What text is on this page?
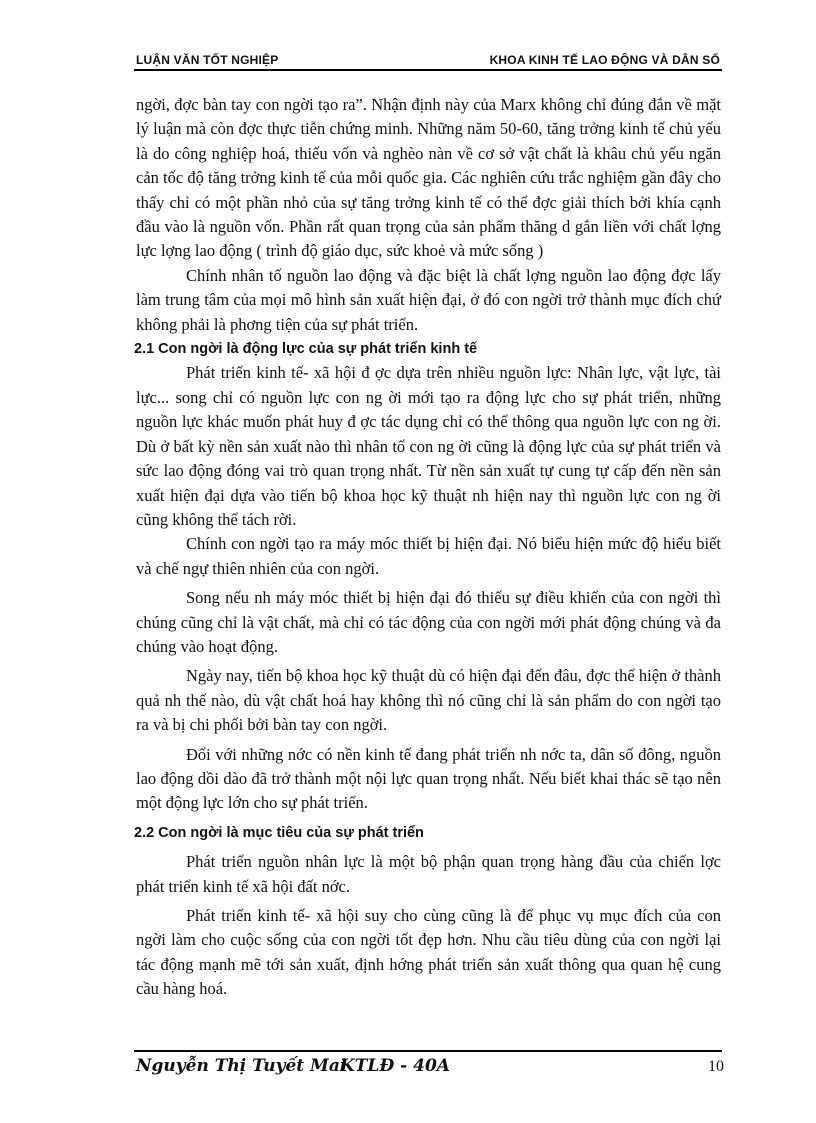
LUẬN VĂN TỐT NGHIỆP	KHOA KINH TẾ LAO ĐỘNG VÀ DÂN SỐ

ngời, đợc bàn tay con ngời tạo ra”. Nhận định này của Marx không chỉ đúng đắn về mặt lý luận mà còn đợc thực tiễn chứng minh. Những năm 50-60, tăng trởng kinh tế chủ yếu là do công nghiệp hoá, thiếu vốn và nghèo nàn về cơ sở vật chất là khâu chủ yếu ngăn cản tốc độ tăng trởng kinh tế của mỗi quốc gia. Các nghiên cứu trắc nghiệm gần đây cho thấy chỉ có một phần nhỏ của sự tăng trởng kinh tế có thể đợc giải thích bởi khía cạnh đầu vào là nguồn vốn. Phần rất quan trọng của sản phẩm thăng d gắn liền với chất lợng lực lợng lao động ( trình độ giáo dục, sức khoẻ và mức sống )

Chính nhân tố nguồn lao động và đặc biệt là chất lợng nguồn lao động đợc lấy làm trung tâm của mọi mô hình sản xuất hiện đại, ở đó con ngời trở thành mục đích chứ không phải là phơng tiện của sự phát triển.

2.1 Con ngời là động lực của sự phát triển kinh tế

Phát triển kinh tế- xã hội đ ợc dựa trên nhiều nguồn lực: Nhân lực, vật lực, tài lực... song chỉ có nguồn lực con ng ời mới tạo ra động lực cho sự phát triển, những nguồn lực khác muốn phát huy đ ợc tác dụng chỉ có thể thông qua nguồn lực con ng ời. Dù ở bất kỳ nền sản xuất nào thì nhân tố con ng ời cũng là động lực của sự phát triển và sức lao động đóng vai trò quan trọng nhất. Từ nền sản xuất tự cung tự cấp đến nền sản xuất hiện đại dựa vào tiến bộ khoa học kỹ thuật nh hiện nay thì nguồn lực con ng ời cũng không thể tách rời.

Chính con ngời tạo ra máy móc thiết bị hiện đại. Nó biểu hiện mức độ hiểu biết và chế ngự thiên nhiên của con ngời.

Song nếu nh máy móc thiết bị hiện đại đó thiếu sự điều khiển của con ngời thì chúng cũng chỉ là vật chất, mà chỉ có tác động của con ngời mới phát động chúng và đa chúng vào hoạt động.

Ngày nay, tiến bộ khoa học kỹ thuật dù có hiện đại đến đâu, đợc thể hiện ở thành quả nh thế nào, dù vật chất hoá hay không thì nó cũng chỉ là sản phẩm do con ngời tạo ra và bị chi phối bởi bàn tay con ngời.

Đối với những nớc có nền kinh tế đang phát triển nh nớc ta, dân số đông, nguồn lao động dồi dào đã trở thành một nội lực quan trọng nhất. Nếu biết khai thác sẽ tạo nên một động lực lớn cho sự phát triển.

2.2 Con ngời là mục tiêu của sự phát triển

Phát triển nguồn nhân lực là một bộ phận quan trọng hàng đầu của chiến lợc phát triển kinh tế xã hội đất nớc.

Phát triển kinh tế- xã hội suy cho cùng cũng là để phục vụ mục đích của con ngời làm cho cuộc sống của con ngời tốt đẹp hơn. Nhu cầu tiêu dùng của con ngời lại tác động mạnh mẽ tới sản xuất, định hớng phát triển sản xuất thông qua quan hệ cung cầu hàng hoá.

Nguyễn Thị Tuyết Mai
KTLĐ - 40A	10
